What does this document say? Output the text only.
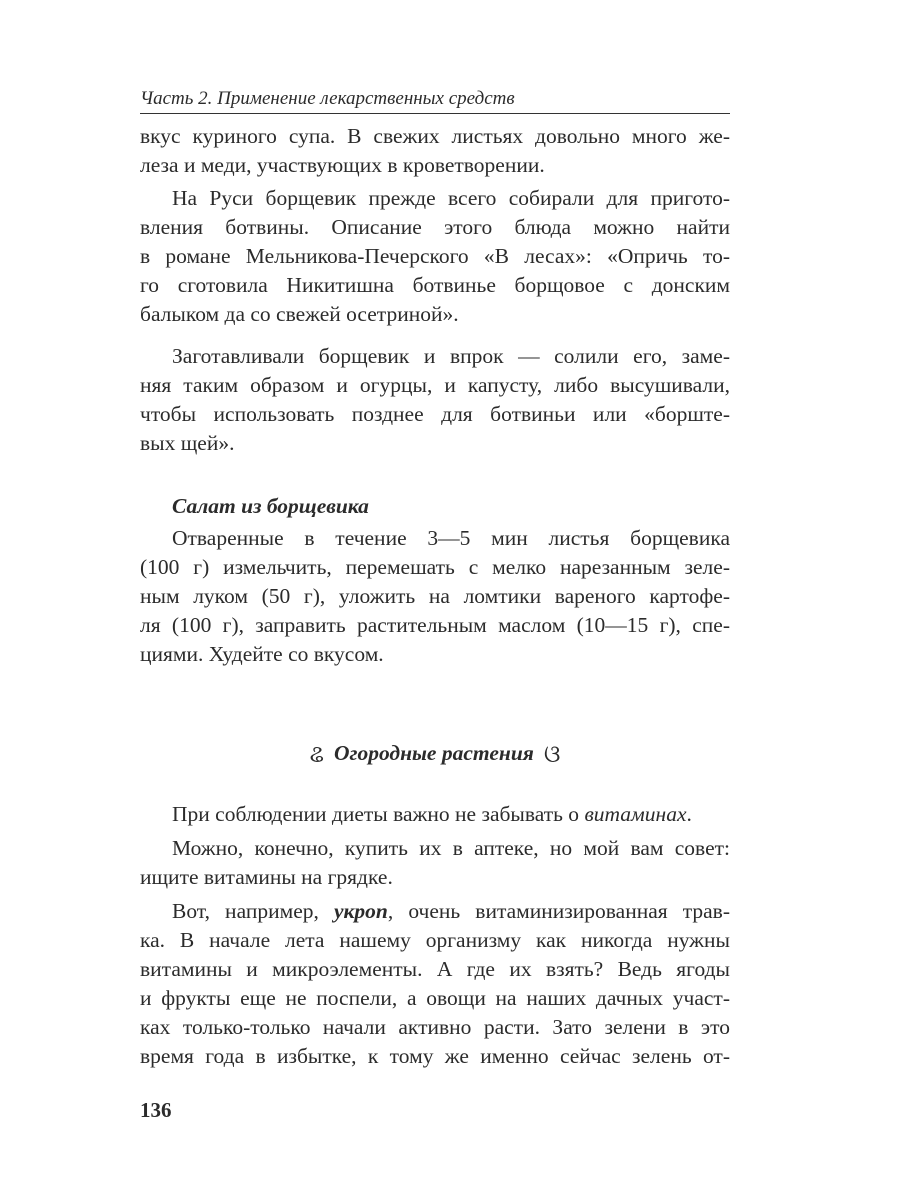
Часть 2. Применение лекарственных средств
вкус куриного супа. В свежих листьях довольно много же-
леза и меди, участвующих в кроветворении.
На Руси борщевик прежде всего собирали для пригото-
вления ботвины. Описание этого блюда можно найти
в романе Мельникова-Печерского «В лесах»: «Опричь то-
го сготовила Никитишна ботвинье борщовое с донским
балыком да со свежей осетриной».
Заготавливали борщевик и впрок — солили его, заме-
няя таким образом и огурцы, и капусту, либо высушивали,
чтобы использовать позднее для ботвиньи или «борште-
вых щей».
Салат из борщевика
Отваренные в течение 3—5 мин листья борщевика
(100 г) измельчить, перемешать с мелко нарезанным зеле-
ным луком (50 г), уложить на ломтики вареного картофе-
ля (100 г), заправить растительным маслом (10—15 г), спе-
циями. Худейте со вкусом.
ଌ Огородные растения ଓ
При соблюдении диеты важно не забывать о витаминах.
Можно, конечно, купить их в аптеке, но мой вам совет:
ищите витамины на грядке.
Вот, например, укроп, очень витаминизированная трав-
ка. В начале лета нашему организму как никогда нужны
витамины и микроэлементы. А где их взять? Ведь ягоды
и фрукты еще не поспели, а овощи на наших дачных участ-
ках только-только начали активно расти. Зато зелени в это
время года в избытке, к тому же именно сейчас зелень от-
136
